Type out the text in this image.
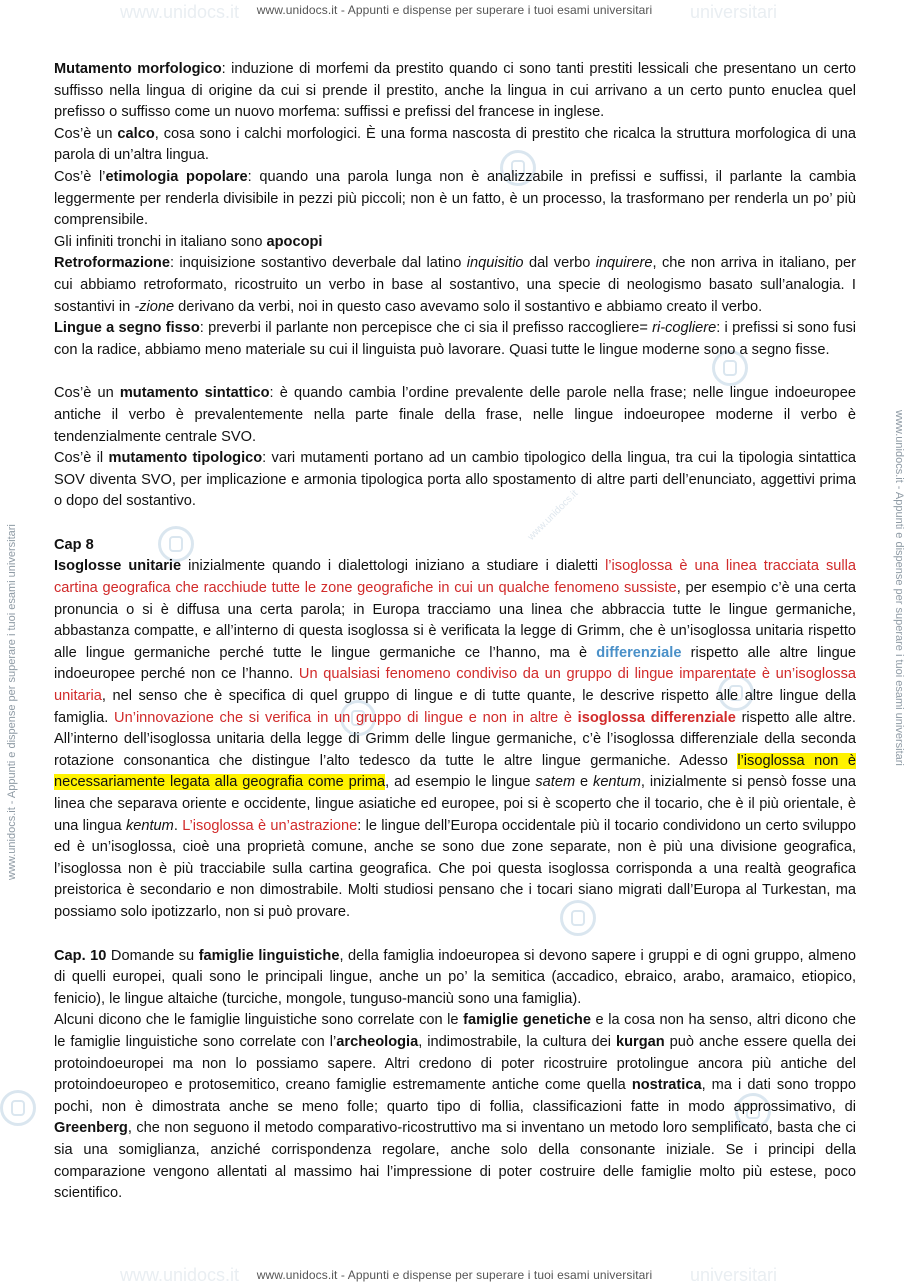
www.unidocs.it	universitari
www.unidocs.it - Appunti e dispense per superare i tuoi esami universitari
www.unidocs.it	universitari
www.unidocs.it - Appunti e dispense per superare i tuoi esami universitari
www.unidocs.it - Appunti e dispense per superare i tuoi esami universitari	www.unidocs.it - Appunti e dispense per superare i tuoi esami universitari
www.unidocs.it

Mutamento morfologico: induzione di morfemi da prestito quando ci sono tanti prestiti lessicali che presentano un certo suffisso nella lingua di origine da cui si prende il prestito, anche la lingua in cui arrivano a un certo punto enuclea quel prefisso o suffisso come un nuovo morfema: suffissi e prefissi del francese in inglese.

Cos’è un calco, cosa sono i calchi morfologici. È una forma nascosta di prestito che ricalca la struttura morfologica di una parola di un’altra lingua.

Cos’è l’etimologia popolare: quando una parola lunga non è analizzabile in prefissi e suffissi, il parlante la cambia leggermente per renderla divisibile in pezzi più piccoli; non è un fatto, è un processo, la trasformano per renderla un po’ più comprensibile.

Gli infiniti tronchi in italiano sono apocopi

Retroformazione: inquisizione sostantivo deverbale dal latino inquisitio dal verbo inquirere, che non arriva in italiano, per cui abbiamo retroformato, ricostruito un verbo in base al sostantivo, una specie di neologismo basato sull’analogia. I sostantivi in -zione derivano da verbi, noi in questo caso avevamo solo il sostantivo e abbiamo creato il verbo.

Lingue a segno fisso: preverbi il parlante non percepisce che ci sia il prefisso raccogliere= ri-cogliere: i prefissi si sono fusi con la radice, abbiamo meno materiale su cui il linguista può lavorare. Quasi tutte le lingue moderne sono a segno fisse.

Cos’è un mutamento sintattico: è quando cambia l’ordine prevalente delle parole nella frase; nelle lingue indoeuropee antiche il verbo è prevalentemente nella parte finale della frase, nelle lingue indoeuropee moderne il verbo è tendenzialmente centrale SVO.

Cos’è il mutamento tipologico: vari mutamenti portano ad un cambio tipologico della lingua, tra cui la tipologia sintattica SOV diventa SVO, per implicazione e armonia tipologica porta allo spostamento di altre parti dell’enunciato, aggettivi prima o dopo del sostantivo.

Cap 8

Isoglosse unitarie inizialmente quando i dialettologi iniziano a studiare i dialetti l’isoglossa è una linea tracciata sulla cartina geografica che racchiude tutte le zone geografiche in cui un qualche fenomeno sussiste, per esempio c’è una certa pronuncia o si è diffusa una certa parola; in Europa tracciamo una linea che abbraccia tutte le lingue germaniche, abbastanza compatte, e all’interno di questa isoglossa si è verificata la legge di Grimm, che è un’isoglossa unitaria rispetto alle lingue germaniche perché tutte le lingue germaniche ce l’hanno, ma è differenziale rispetto alle altre lingue indoeuropee perché non ce l’hanno. Un qualsiasi fenomeno condiviso da un gruppo di lingue imparentate è un’isoglossa unitaria, nel senso che è specifica di quel gruppo di lingue e di tutte quante, le descrive rispetto alle altre lingue della famiglia. Un’innovazione che si verifica in un gruppo di lingue e non in altre è isoglossa differenziale rispetto alle altre. All’interno dell’isoglossa unitaria della legge di Grimm delle lingue germaniche, c’è l’isoglossa differenziale della seconda rotazione consonantica che distingue l’alto tedesco da tutte le altre lingue germaniche. Adesso l’isoglossa non è necessariamente legata alla geografia come prima, ad esempio le lingue satem e kentum, inizialmente si pensò fosse una linea che separava oriente e occidente, lingue asiatiche ed europee, poi si è scoperto che il tocario, che è il più orientale, è una lingua kentum. L’isoglossa è un’astrazione: le lingue dell’Europa occidentale più il tocario condividono un certo sviluppo ed è un’isoglossa, cioè una proprietà comune, anche se sono due zone separate, non è più una divisione geografica, l’isoglossa non è più tracciabile sulla cartina geografica. Che poi questa isoglossa corrisponda a una realtà geografica preistorica è secondario e non dimostrabile. Molti studiosi pensano che i tocari siano migrati dall’Europa al Turkestan, ma possiamo solo ipotizzarlo, non si può provare.

Cap. 10 Domande su famiglie linguistiche, della famiglia indoeuropea si devono sapere i gruppi e di ogni gruppo, almeno di quelli europei, quali sono le principali lingue, anche un po’ la semitica (accadico, ebraico, arabo, aramaico, etiopico, fenicio), le lingue altaiche (turciche, mongole, tunguso-manciù sono una famiglia).

Alcuni dicono che le famiglie linguistiche sono correlate con le famiglie genetiche e la cosa non ha senso, altri dicono che le famiglie linguistiche sono correlate con l’archeologia, indimostrabile, la cultura dei kurgan può anche essere quella dei protoindoeuropei ma non lo possiamo sapere. Altri credono di poter ricostruire protolingue ancora più antiche del protoindoeuropeo e protosemitico, creano famiglie estremamente antiche come quella nostratica, ma i dati sono troppo pochi, non è dimostrata anche se meno folle; quarto tipo di follia, classificazioni fatte in modo approssimativo, di Greenberg, che non seguono il metodo comparativo-ricostruttivo ma si inventano un metodo loro semplificato, basta che ci sia una somiglianza, anziché corrispondenza regolare, anche solo della consonante iniziale. Se i principi della comparazione vengono allentati al massimo hai l’impressione di poter costruire delle famiglie molto più estese, poco scientifico.
